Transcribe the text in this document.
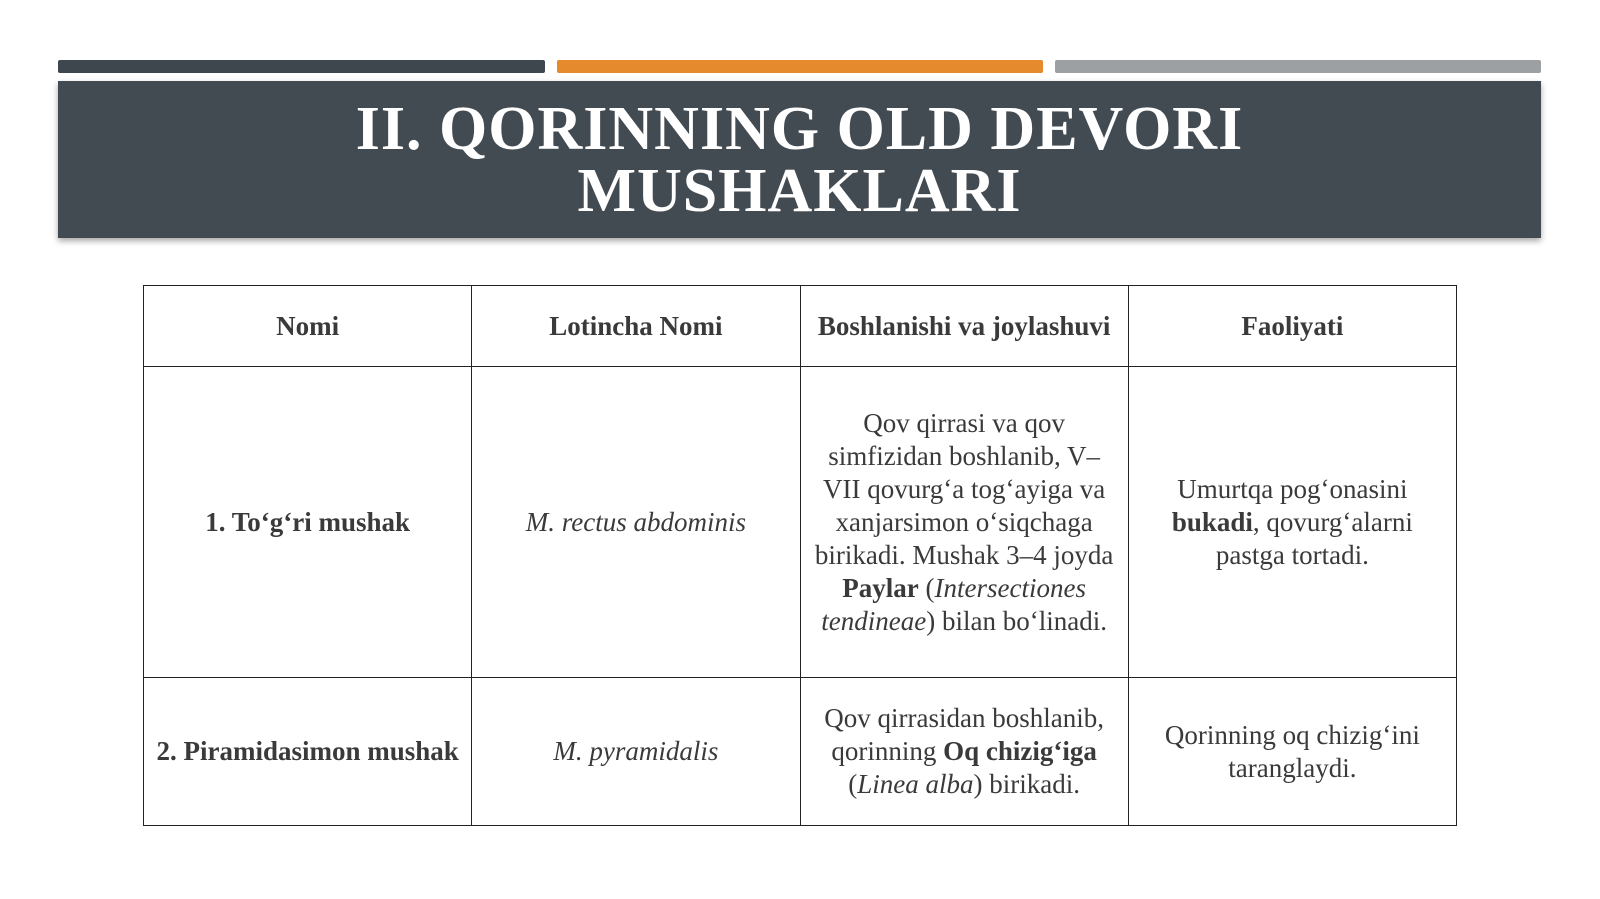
II. QORINNING OLD DEVORI
MUSHAKLARI
Nomi	Lotincha Nomi	Boshlanishi va joylashuvi	Faoliyati
1. To‘g‘ri mushak	M. rectus abdominis	Qov qirrasi va qov simfizidan boshlanib, V–VII qovurg‘a tog‘ayiga va xanjarsimon o‘siqchaga birikadi. Mushak 3–4 joyda Paylar (Intersectiones tendineae) bilan bo‘linadi.	Umurtqa pog‘onasini bukadi, qovurg‘alarni pastga tortadi.
2. Piramidasimon mushak	M. pyramidalis	Qov qirrasidan boshlanib, qorinning Oq chizig‘iga (Linea alba) birikadi.	Qorinning oq chizig‘ini taranglaydi.
